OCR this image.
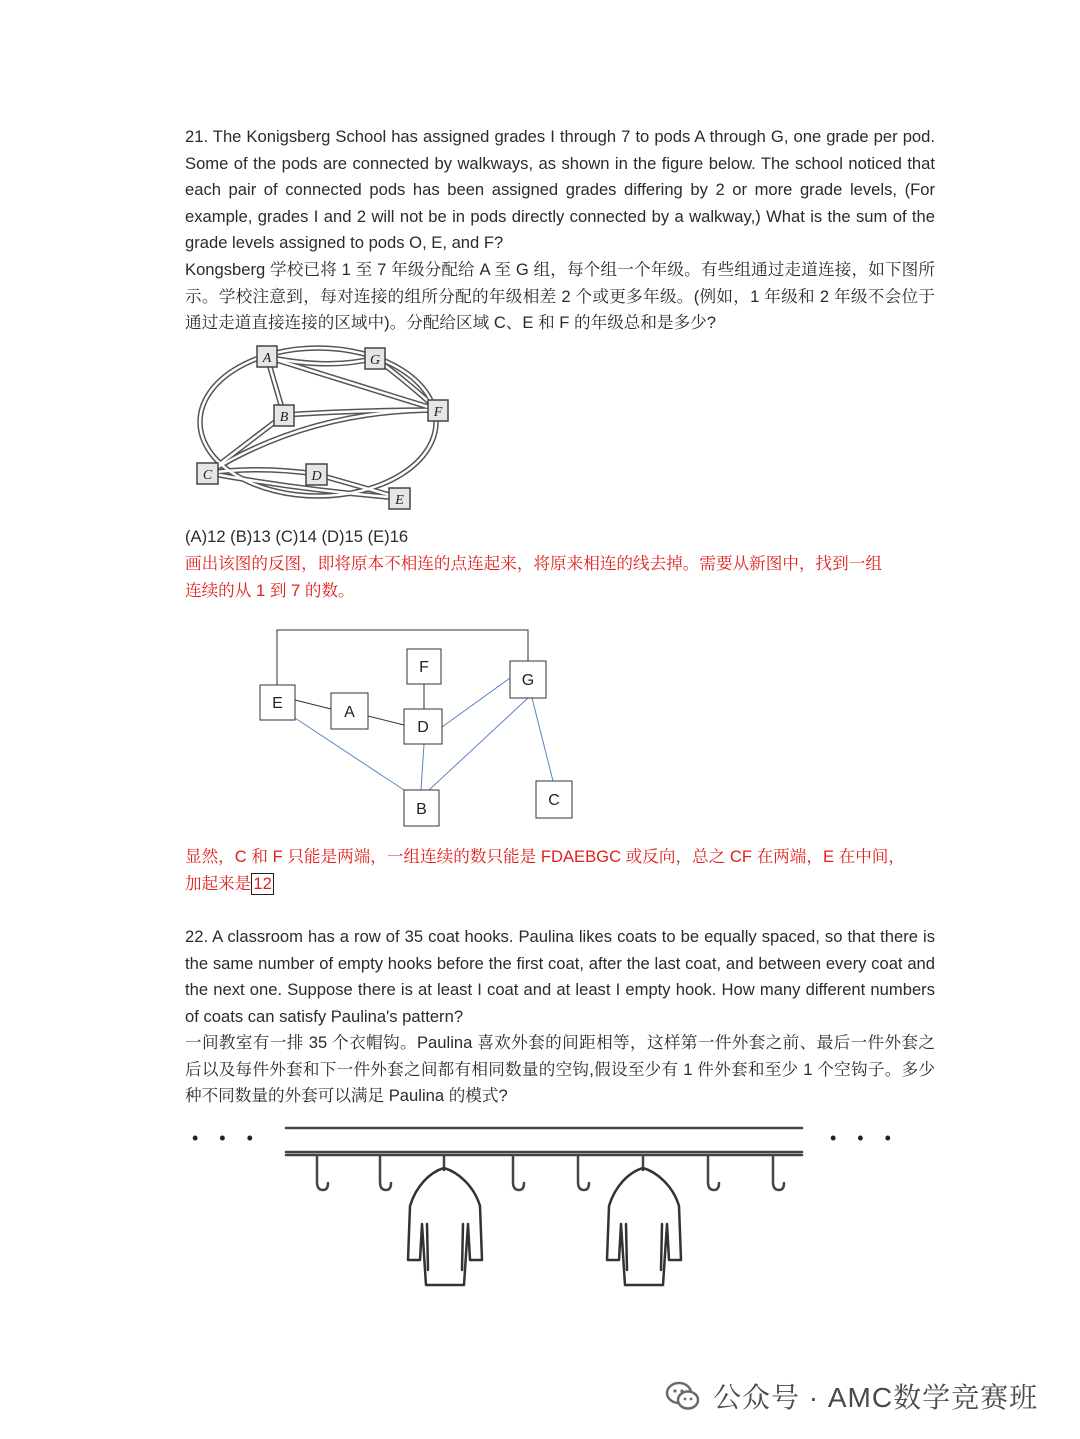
21. The Konigsberg School has assigned grades I through 7 to pods A through G, one grade per pod. Some of the pods are connected by walkways, as shown in the figure below. The school noticed that each pair of connected pods has been assigned grades differing by 2 or more grade levels, (For example, grades I and 2 will not be in pods directly connected by a walkway,) What is the sum of the grade levels assigned to pods O, E, and F?

Kongsberg 学校已将 1 至 7 年级分配给 A 至 G 组，每个组一个年级。有些组通过走道连接，如下图所示。学校注意到，每对连接的组所分配的年级相差 2 个或更多年级。(例如，1 年级和 2 年级不会位于通过走道直接连接的区域中)。分配给区域 C、E 和 F 的年级总和是多少?

A	G
B	F
C	D
E

(A)12 (B)13 (C)14 (D)15 (E)16

画出该图的反图，即将原本不相连的点连起来，将原来相连的线去掉。需要从新图中，找到一组
连续的从 1 到 7 的数。

F
G
E
A
D
C
B

显然，C 和 F 只能是两端，一组连续的数只能是 FDAEBGC 或反向，总之 CF 在两端，E 在中间，
加起来是 12

22. A classroom has a row of 35 coat hooks. Paulina likes coats to be equally spaced, so that there is the same number of empty hooks before the first coat, after the last coat, and between every coat and the next one. Suppose there is at least I coat and at least I empty hook. How many different numbers of coats can satisfy Paulina's pattern?

一间教室有一排 35 个衣帽钩。Paulina 喜欢外套的间距相等，这样第一件外套之前、最后一件外套之后以及每件外套和下一件外套之间都有相同数量的空钩,假设至少有 1 件外套和至少 1 个空钩子。多少种不同数量的外套可以满足 Paulina 的模式?

• • •	• • •
公众号 · AMC数学竞赛班
